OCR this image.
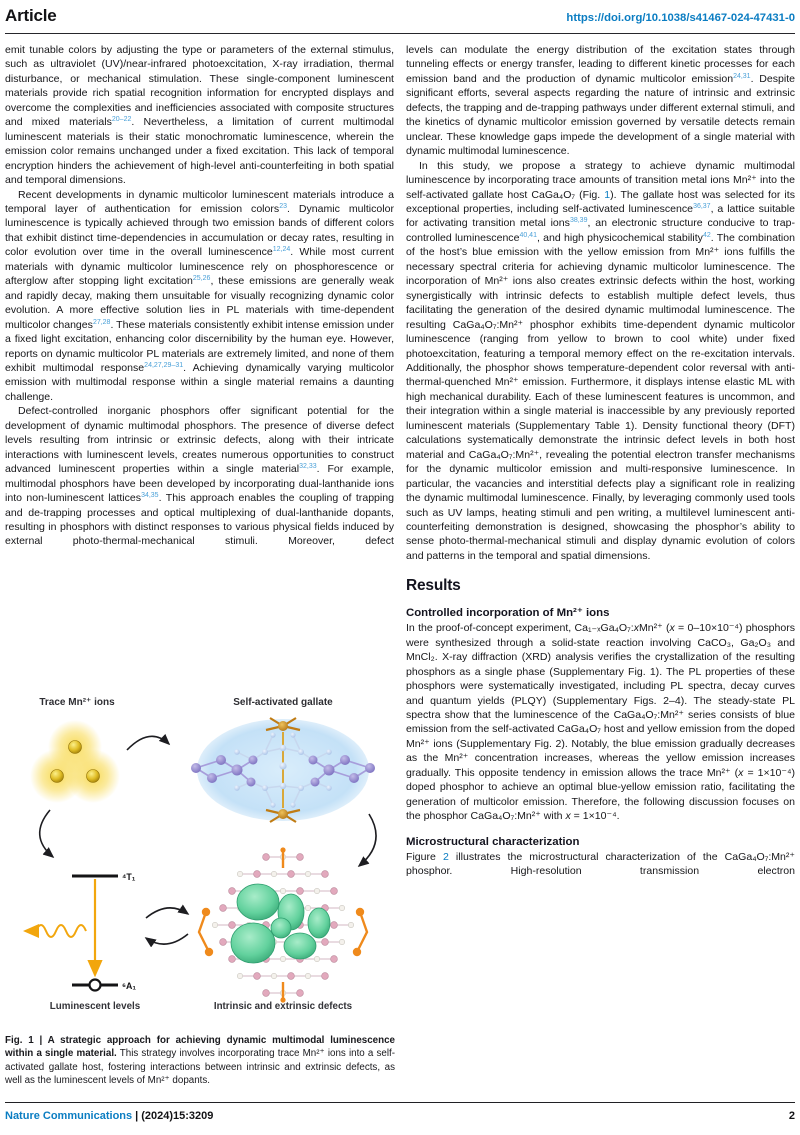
Article	https://doi.org/10.1038/s41467-024-47431-0

emit tunable colors by adjusting the type or parameters of the external stimulus, such as ultraviolet (UV)/near-infrared photoexcitation, X-ray irradiation, thermal disturbance, or mechanical stimulation. These single-component luminescent materials provide rich spatial recognition information for encrypted displays and overcome the complexities and inefficiencies associated with composite structures and mixed materials$^{20-22}$. Nevertheless, a limitation of current multimodal luminescent materials is their static monochromatic luminescence, wherein the emission color remains unchanged under a fixed excitation. This lack of temporal encryption hinders the achievement of high-level anti-counterfeiting in both spatial and temporal dimensions.

Recent developments in dynamic multicolor luminescent materials introduce a temporal layer of authentication for emission colors$^{23}$. Dynamic multicolor luminescence is typically achieved through two emission bands of different colors that exhibit distinct time-dependencies in accumulation or decay rates, resulting in color evolution over time in the overall luminescence$^{12,24}$. While most current materials with dynamic multicolor luminescence rely on phosphorescence or afterglow after stopping light excitation$^{25,26}$, these emissions are generally weak and rapidly decay, making them unsuitable for visually recognizing dynamic color evolution. A more effective solution lies in PL materials with time-dependent multicolor changes$^{27,28}$. These materials consistently exhibit intense emission under a fixed light excitation, enhancing color discernibility by the human eye. However, reports on dynamic multicolor PL materials are extremely limited, and none of them exhibit multimodal response$^{24,27,29-31}$. Achieving dynamically varying multicolor emission with multimodal response within a single material remains a daunting challenge.

Defect-controlled inorganic phosphors offer significant potential for the development of dynamic multimodal phosphors. The presence of diverse defect levels resulting from intrinsic or extrinsic defects, along with their intricate interactions with luminescent levels, creates numerous opportunities to construct advanced luminescent properties within a single material$^{32,33}$. For example, multimodal phosphors have been developed by incorporating dual-lanthanide ions into non-luminescent lattices$^{34,35}$. This approach enables the coupling of trapping and de-trapping processes and optical multiplexing of dual-lanthanide dopants, resulting in phosphors with distinct responses to various physical fields induced by external photo-thermal-mechanical stimuli. Moreover, defect

levels can modulate the energy distribution of the excitation states through tunneling effects or energy transfer, leading to different kinetic processes for each emission band and the production of dynamic multicolor emission$^{24,31}$. Despite significant efforts, several aspects regarding the nature of intrinsic and extrinsic defects, the trapping and de-trapping pathways under different external stimuli, and the kinetics of dynamic multicolor emission governed by versatile detects remain unclear. These knowledge gaps impede the development of a single material with dynamic multimodal luminescence.

In this study, we propose a strategy to achieve dynamic multimodal luminescence by incorporating trace amounts of transition metal ions Mn²⁺ into the self-activated gallate host CaGa₄O₇ (Fig. 1). The gallate host was selected for its exceptional properties, including self-activated luminescence$^{36,37}$, a lattice suitable for activating transition metal ions$^{38,39}$, an electronic structure conducive to trap-controlled luminescence$^{40,41}$, and high physicochemical stability$^{42}$. The combination of the host’s blue emission with the yellow emission from Mn²⁺ ions fulfills the necessary spectral criteria for achieving dynamic multicolor luminescence. The incorporation of Mn²⁺ ions also creates extrinsic defects within the host, working synergistically with intrinsic defects to establish multiple defect levels, thus facilitating the generation of the desired dynamic multimodal luminescence. The resulting CaGa₄O₇:Mn²⁺ phosphor exhibits time-dependent dynamic multicolor luminescence (ranging from yellow to brown to cool white) under fixed photoexcitation, featuring a temporal memory effect on the re-excitation intervals. Additionally, the phosphor shows temperature-dependent color reversal with anti-thermal-quenched Mn²⁺ emission. Furthermore, it displays intense elastic ML with high mechanical durability. Each of these luminescent features is uncommon, and their integration within a single material is inaccessible by any previously reported luminescent materials (Supplementary Table 1). Density functional theory (DFT) calculations systematically demonstrate the intrinsic defect levels in both host material and CaGa₄O₇:Mn²⁺, revealing the potential electron transfer mechanisms for the dynamic multicolor emission and multi-responsive luminescence. In particular, the vacancies and interstitial defects play a significant role in realizing the dynamic multimodal luminescence. Finally, by leveraging commonly used tools such as UV lamps, heating stimuli and pen writing, a multilevel luminescent anti-counterfeiting demonstration is designed, showcasing the phosphor’s ability to sense photo-thermal-mechanical stimuli and display dynamic evolution of colors and patterns in the temporal and spatial dimensions.

Results
Controlled incorporation of Mn²⁺ ions

In the proof-of-concept experiment, Ca₁₋ₓGa₄O₇:xMn²⁺ (x = 0–10×10⁻⁴) phosphors were synthesized through a solid-state reaction involving CaCO₃, Ga₂O₃ and MnCl₂. X-ray diffraction (XRD) analysis verifies the crystallization of the resulting phosphors as a single phase (Supplementary Fig. 1). The PL properties of these phosphors were systematically investigated, including PL spectra, decay curves and quantum yields (PLQY) (Supplementary Figs. 2–4). The steady-state PL spectra show that the luminescence of the CaGa₄O₇:Mn²⁺ series consists of blue emission from the self-activated CaGa₄O₇ host and yellow emission from the doped Mn²⁺ ions (Supplementary Fig. 2). Notably, the blue emission gradually decreases as the Mn²⁺ concentration increases, whereas the yellow emission increases gradually. This opposite tendency in emission allows the trace Mn²⁺ (x = 1×10⁻⁴) doped phosphor to achieve an optimal blue-yellow emission ratio, facilitating the generation of multicolor emission. Therefore, the following discussion focuses on the phosphor CaGa₄O₇:Mn²⁺ with x = 1×10⁻⁴.

Microstructural characterization

Figure 2 illustrates the microstructural characterization of the CaGa₄O₇:Mn²⁺ phosphor. High-resolution transmission electron

Trace Mn²⁺ ions	Self-activated gallate
⁴T₁
⁶A₁
Luminescent levels	Intrinsic and extrinsic defects

Fig. 1 | A strategic approach for achieving dynamic multimodal luminescence within a single material. This strategy involves incorporating trace Mn²⁺ ions into a self-activated gallate host, fostering interactions between intrinsic and extrinsic defects, as well as the luminescent levels of Mn²⁺ dopants.

Nature Communications | (2024)15:3209	2
